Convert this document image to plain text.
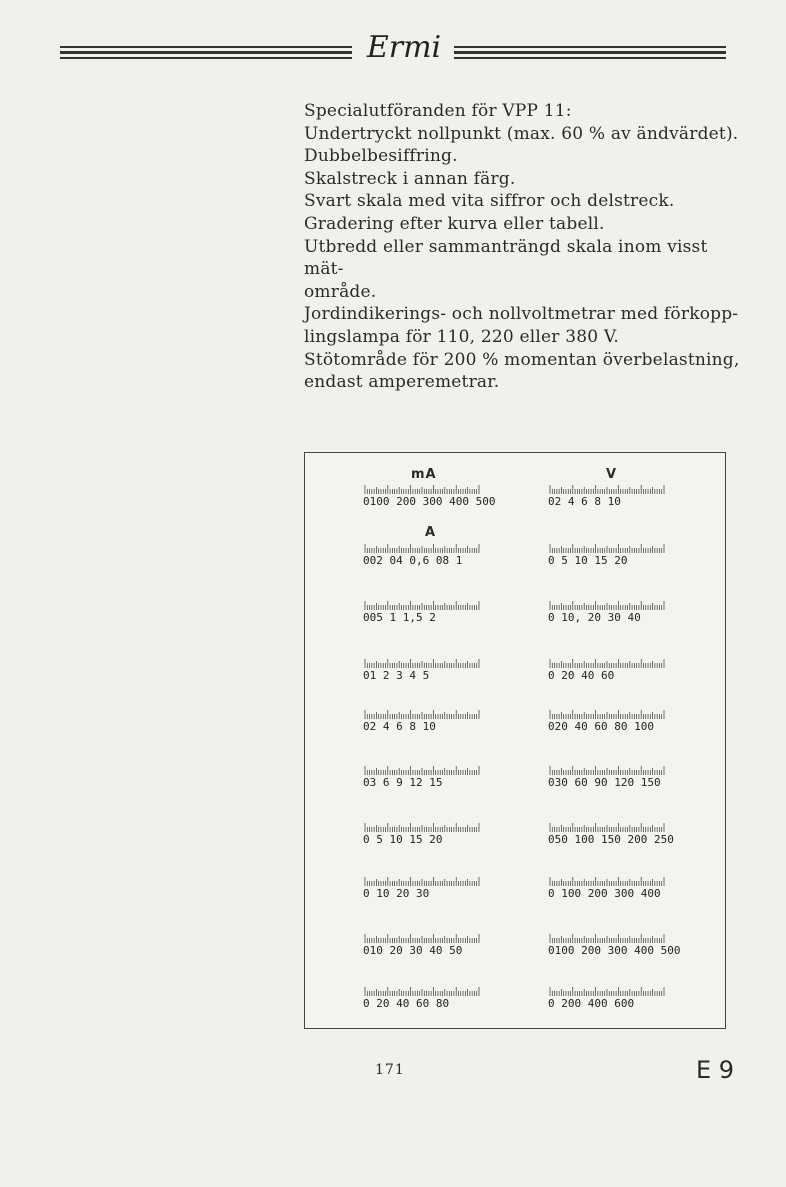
Ermi

Specialutföranden för VPP 11:

Undertryckt nollpunkt (max. 60 % av ändvärdet).

Dubbelbesiffring.

Skalstreck i annan färg.

Svart skala med vita siffror och delstreck.

Gradering efter kurva eller tabell.

Utbredd eller sammanträngd skala inom visst mät-

område.

Jordindikerings- och nollvoltmetrar med förkopp-

lingslampa för 110, 220 eller 380 V.

Stötområde för 200 % momentan överbelastning,

endast amperemetrar.

mA
A
0100 200 300 400 500
002 04 0,6 08 1
005 1 1,5 2
01 2 3 4 5
02 4 6 8 10
03 6 9 12 15
0 5 10 15 20
0 10 20 30
010 20 30 40 50
0 20 40 60 80
V
02 4 6 8 10
0 5 10 15 20
0 10, 20 30 40
0 20 40 60
020 40 60 80 100
030 60 90 120 150
050 100 150 200 250
0 100 200 300 400
0100 200 300 400 500
0 200 400 600
171	E 9
